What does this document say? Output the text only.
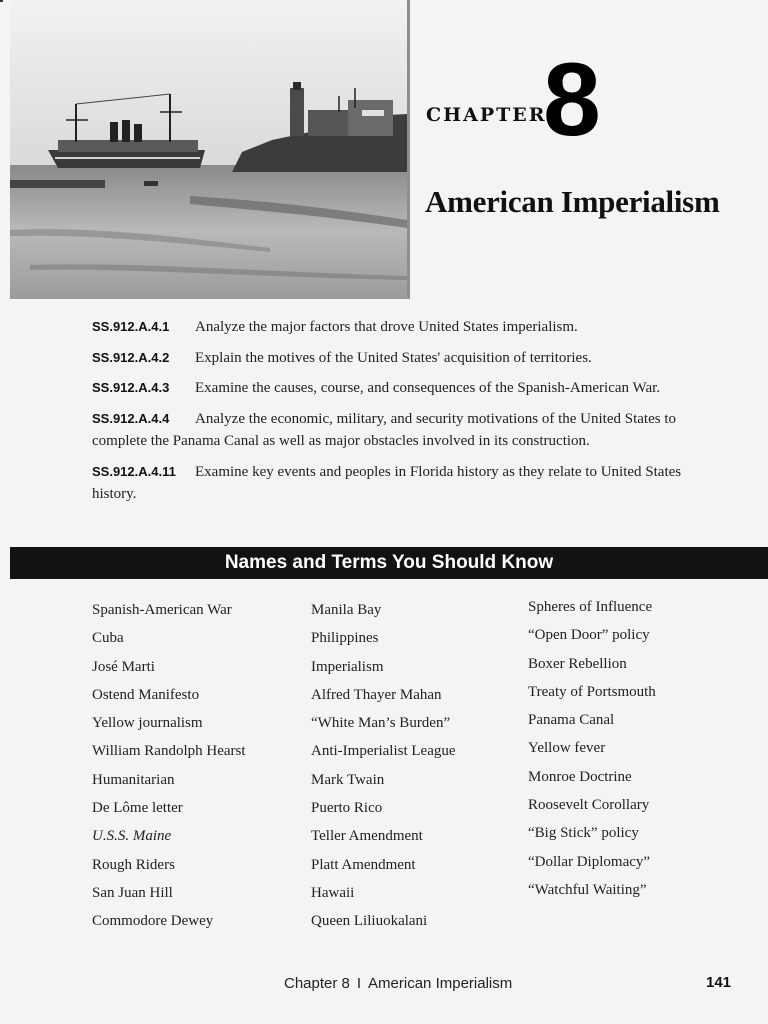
CHAPTER
8
American Imperialism
SS.912.A.4.1 Analyze the major factors that drove United States imperialism.
SS.912.A.4.2 Explain the motives of the United States' acquisition of territories.
SS.912.A.4.3 Examine the causes, course, and consequences of the Spanish-American War.
SS.912.A.4.4 Analyze the economic, military, and security motivations of the United States to complete the Panama Canal as well as major obstacles involved in its construction.
SS.912.A.4.11 Examine key events and peoples in Florida history as they relate to United States history.
Names and Terms You Should Know
Spanish-American War
Cuba
José Marti
Ostend Manifesto
Yellow journalism
William Randolph Hearst
Humanitarian
De Lôme letter
U.S.S. Maine
Rough Riders
San Juan Hill
Commodore Dewey
Manila Bay
Philippines
Imperialism
Alfred Thayer Mahan
“White Man’s Burden”
Anti-Imperialist League
Mark Twain
Puerto Rico
Teller Amendment
Platt Amendment
Hawaii
Queen Liliuokalani
Spheres of Influence
“Open Door” policy
Boxer Rebellion
Treaty of Portsmouth
Panama Canal
Yellow fever
Monroe Doctrine
Roosevelt Corollary
“Big Stick” policy
“Dollar Diplomacy”
“Watchful Waiting”
Chapter 8 I American Imperialism	141
